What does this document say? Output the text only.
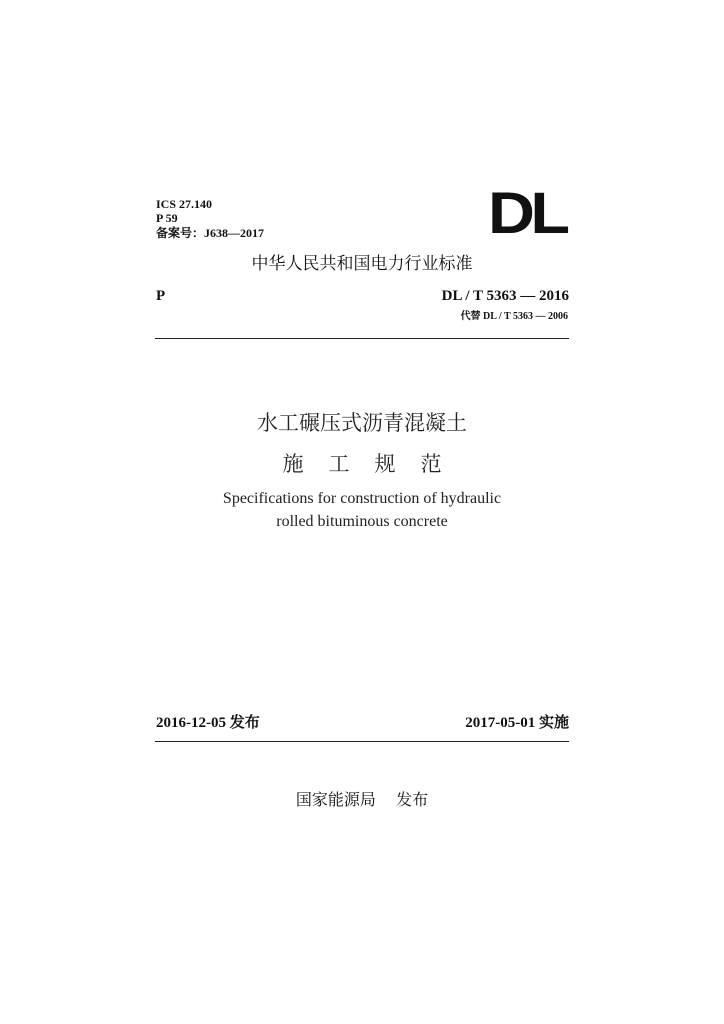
ICS 27.140
P 59
备案号：J638—2017	DL
中华人民共和国电力行业标准
P	DL / T 5363 — 2016
代替 DL / T 5363 — 2006
水工碾压式沥青混凝土
施工规范
Specifications for construction of hydraulic
rolled bituminous concrete
2016-12-05 发布	2017-05-01 实施
国家能源局    发布
